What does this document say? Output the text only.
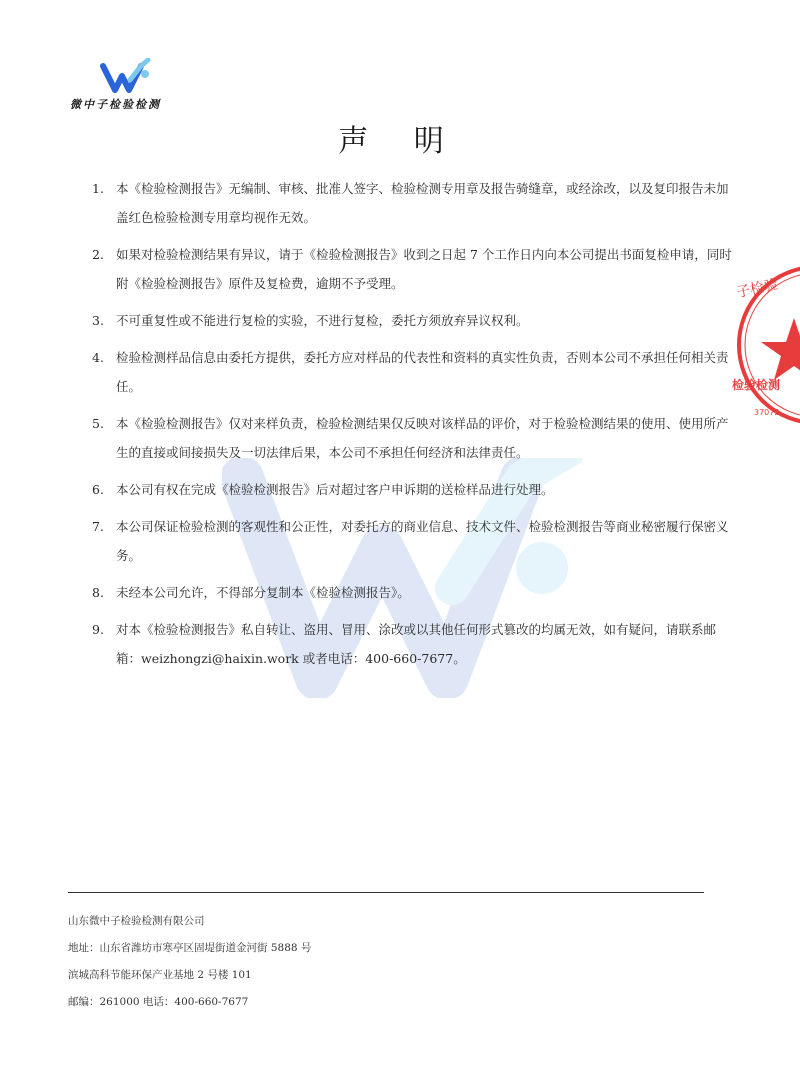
微中子检验检测
声 明
子检验
检验检测
37072
1. 本《检验检测报告》无编制、审核、批准人签字、检验检测专用章及报告骑缝章，或经涂改，以及复印报告未加盖红色检验检测专用章均视作无效。
2. 如果对检验检测结果有异议，请于《检验检测报告》收到之日起 7 个工作日内向本公司提出书面复检申请，同时附《检验检测报告》原件及复检费，逾期不予受理。
3. 不可重复性或不能进行复检的实验，不进行复检，委托方须放弃异议权利。
4. 检验检测样品信息由委托方提供，委托方应对样品的代表性和资料的真实性负责，否则本公司不承担任何相关责任。
5. 本《检验检测报告》仅对来样负责，检验检测结果仅反映对该样品的评价，对于检验检测结果的使用、使用所产生的直接或间接损失及一切法律后果，本公司不承担任何经济和法律责任。
6. 本公司有权在完成《检验检测报告》后对超过客户申诉期的送检样品进行处理。
7. 本公司保证检验检测的客观性和公正性，对委托方的商业信息、技术文件、检验检测报告等商业秘密履行保密义务。
8. 未经本公司允许，不得部分复制本《检验检测报告》。
9. 对本《检验检测报告》私自转让、盗用、冒用、涂改或以其他任何形式篡改的均属无效，如有疑问，请联系邮箱：weizhongzi@haixin.work 或者电话：400-660-7677。
山东微中子检验检测有限公司
地址：山东省潍坊市寒亭区固堤街道金河街 5888 号
滨城高科节能环保产业基地 2 号楼 101
邮编：261000 电话：400-660-7677
